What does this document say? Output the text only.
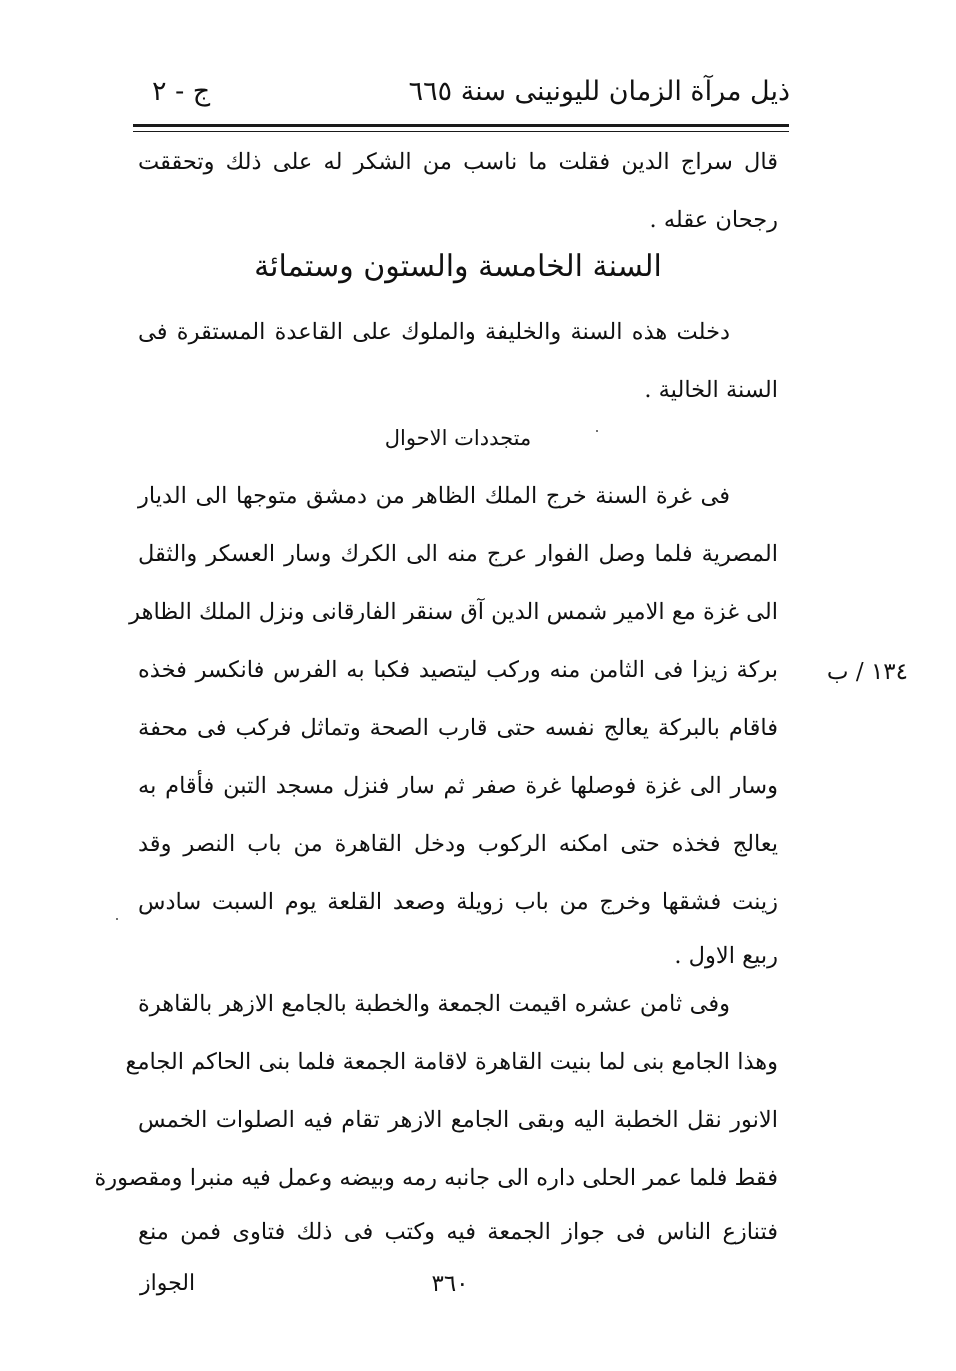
ذيل مرآة الزمان لليونينى سنة ٦٦٥
ج - ٢
قال سراج الدين فقلت ما ناسب من الشكر له على ذلك وتحققت
رجحان عقله .
السنة الخامسة والستون وستمائة
دخلت هذه السنة والخليفة والملوك على القاعدة المستقرة فى
السنة الخالية .
متجددات الاحوال
فى غرة السنة خرج الملك الظاهر من دمشق متوجها الى الديار
المصرية فلما وصل الفوار عرج منه الى الكرك وسار العسكر والثقل
الى غزة مع الامير شمس الدين آق سنقر الفارقانى ونزل الملك الظاهر
بركة زيزا فى الثامن منه وركب ليتصيد فكبا به الفرس فانكسر فخذه
فاقام بالبركة يعالج نفسه حتى قارب الصحة وتماثل فركب فى محفة
وسار الى غزة فوصلها غرة صفر ثم سار فنزل مسجد التبن فأقام به
يعالج فخذه حتى امكنه الركوب ودخل القاهرة من باب النصر وقد
زينت فشقها وخرج من باب زويلة وصعد القلعة يوم السبت سادس
ربيع الاول .
وفى ثامن عشره اقيمت الجمعة والخطبة بالجامع الازهر بالقاهرة
وهذا الجامع بنى لما بنيت القاهرة لاقامة الجمعة فلما بنى الحاكم الجامع
الانور نقل الخطبة اليه وبقى الجامع الازهر تقام فيه الصلوات الخمس
فقط فلما عمر الحلى داره الى جانبه رمه وبيضه وعمل فيه منبرا ومقصورة
فتنازع الناس فى جواز الجمعة فيه وكتب فى ذلك فتاوى فمن منع
١٣٤ / ب
الجواز	٣٦٠
